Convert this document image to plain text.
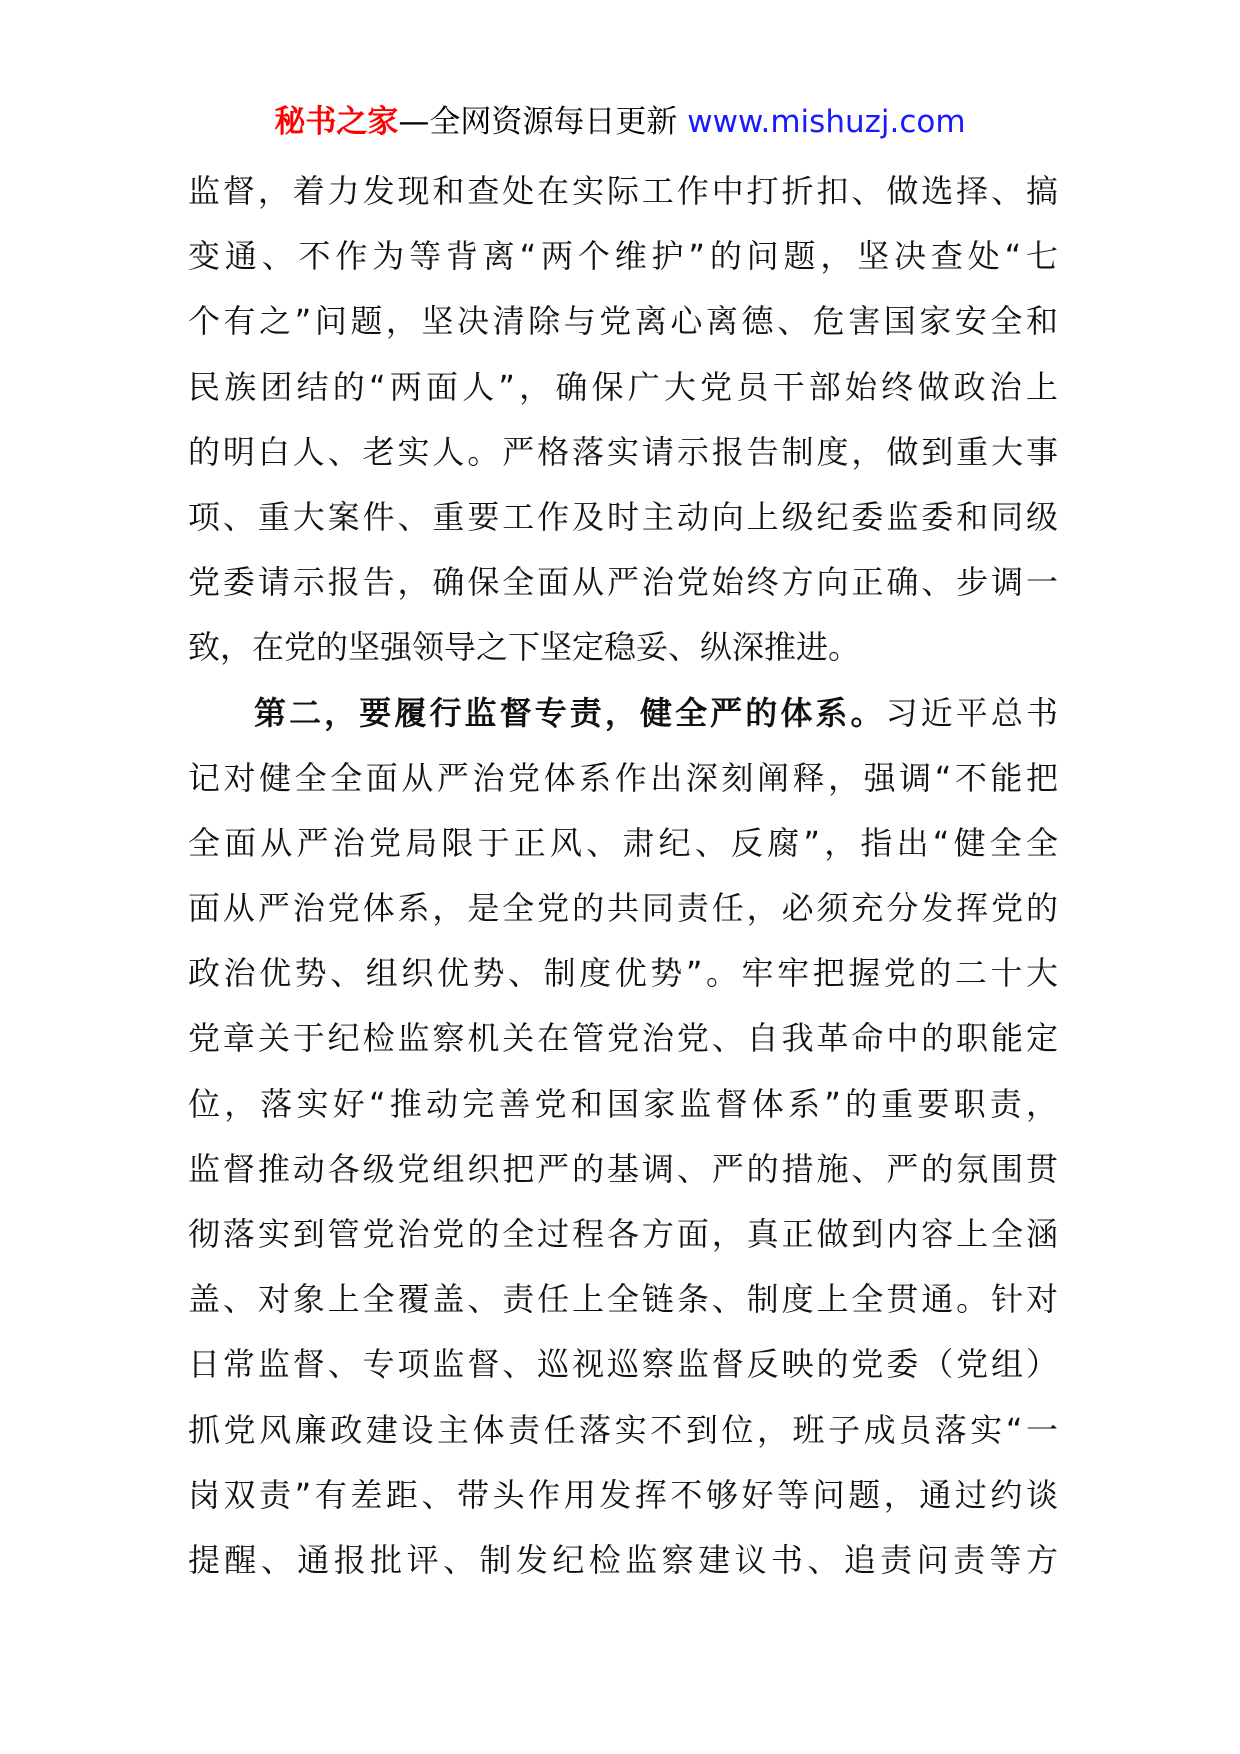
秘书之家—全网资源每日更新 www.mishuzj.com
监督，着力发现和查处在实际工作中打折扣、做选择、搞
变通、不作为等背离“两个维护”的问题，坚决查处“七
个有之”问题，坚决清除与党离心离德、危害国家安全和
民族团结的“两面人”，确保广大党员干部始终做政治上
的明白人、老实人。严格落实请示报告制度，做到重大事
项、重大案件、重要工作及时主动向上级纪委监委和同级
党委请示报告，确保全面从严治党始终方向正确、步调一
致，在党的坚强领导之下坚定稳妥、纵深推进。
第二，要履行监督专责，健全严的体系。习近平总书
记对健全全面从严治党体系作出深刻阐释，强调“不能把
全面从严治党局限于正风、肃纪、反腐”，指出“健全全
面从严治党体系，是全党的共同责任，必须充分发挥党的
政治优势、组织优势、制度优势”。牢牢把握党的二十大
党章关于纪检监察机关在管党治党、自我革命中的职能定
位，落实好“推动完善党和国家监督体系”的重要职责，
监督推动各级党组织把严的基调、严的措施、严的氛围贯
彻落实到管党治党的全过程各方面，真正做到内容上全涵
盖、对象上全覆盖、责任上全链条、制度上全贯通。针对
日常监督、专项监督、巡视巡察监督反映的党委（党组）
抓党风廉政建设主体责任落实不到位，班子成员落实“一
岗双责”有差距、带头作用发挥不够好等问题，通过约谈
提醒、通报批评、制发纪检监察建议书、追责问责等方
